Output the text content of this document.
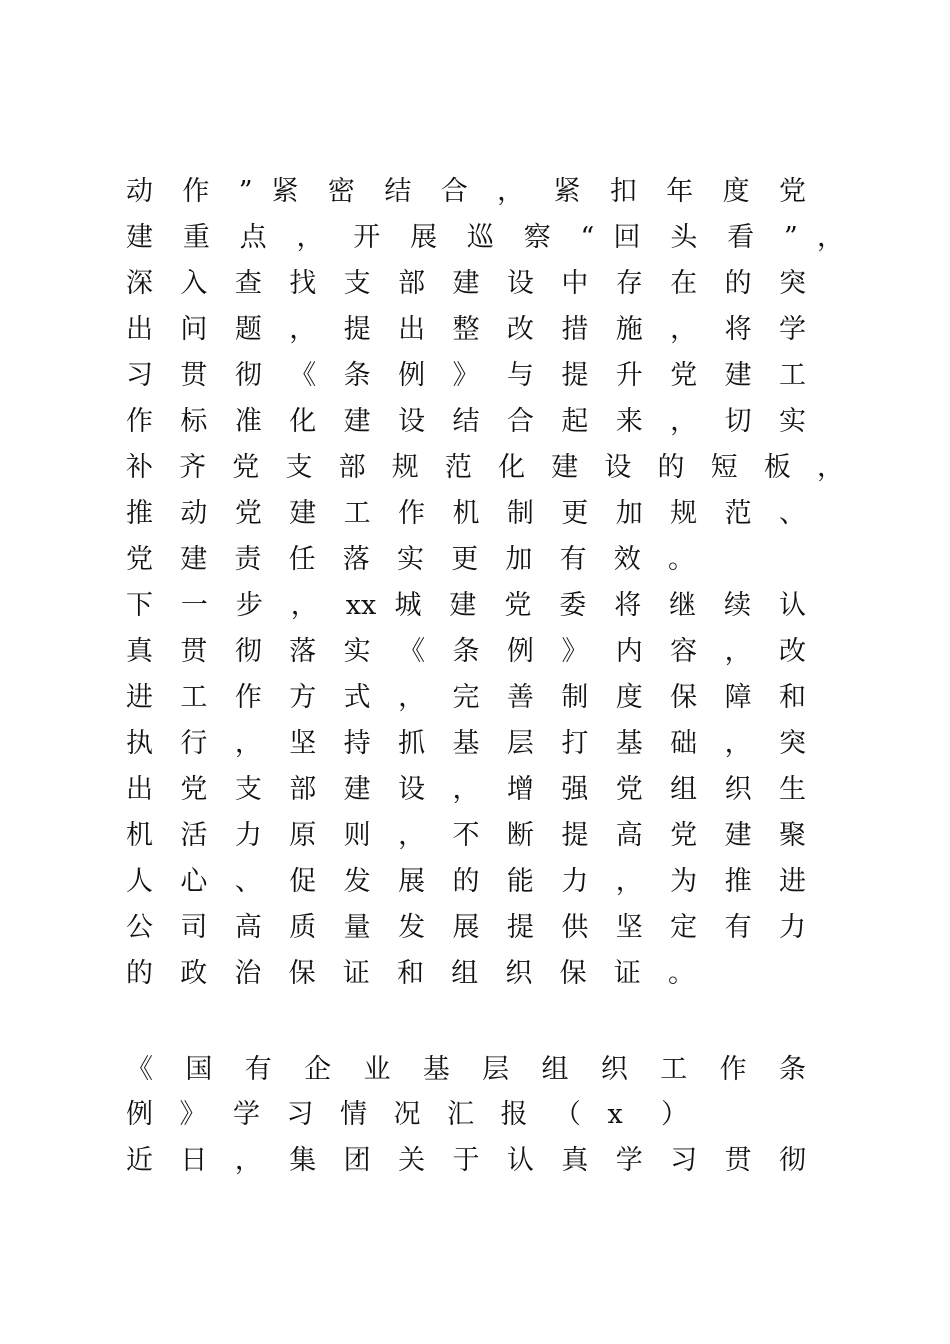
动 作 ” 紧 密 结 合 ， 紧 扣 年 度 党
建 重 点 ， 开 展 巡 察 “ 回 头 看 ” ，
深 入 查 找 支 部 建 设 中 存 在 的 突
出 问 题 ， 提 出 整 改 措 施 ， 将 学
习 贯 彻 《 条 例 》 与 提 升 党 建 工
作 标 准 化 建 设 结 合 起 来 ， 切 实
补 齐 党 支 部 规 范 化 建 设 的 短 板 ，
推 动 党 建 工 作 机 制 更 加 规 范 、
党 建 责 任 落 实 更 加 有 效 。
下 一 步 ， xx 城 建 党 委 将 继 续 认
真 贯 彻 落 实 《 条 例 》 内 容 ， 改
进 工 作 方 式 ， 完 善 制 度 保 障 和
执 行 ， 坚 持 抓 基 层 打 基 础 ， 突
出 党 支 部 建 设 ， 增 强 党 组 织 生
机 活 力 原 则 ， 不 断 提 高 党 建 聚
人 心 、 促 发 展 的 能 力 ， 为 推 进
公 司 高 质 量 发 展 提 供 坚 定 有 力
的 政 治 保 证 和 组 织 保 证 。
《 国 有 企 业 基 层 组 织 工 作 条
例 》 学 习 情 况 汇 报 （ x	）
近 日 ， 集 团 关 于 认 真 学 习 贯 彻
